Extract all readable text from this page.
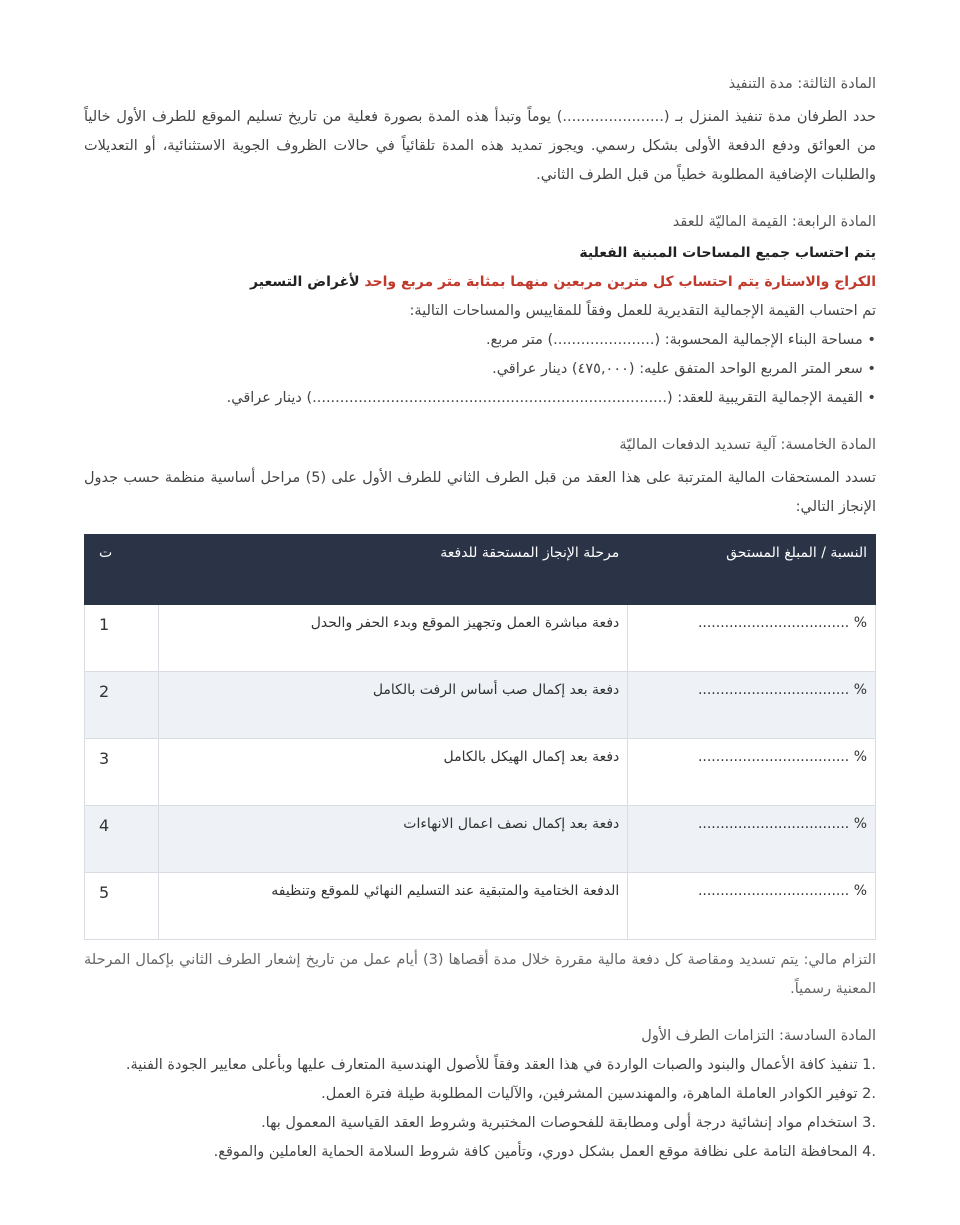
المادة الثالثة: مدة التنفيذ

حدد الطرفان مدة تنفيذ المنزل بـ (......................) يوماً وتبدأ هذه المدة بصورة فعلية من تاريخ تسليم الموقع للطرف الأول خالياً من العوائق ودفع الدفعة الأولى بشكل رسمي. ويجوز تمديد هذه المدة تلقائياً في حالات الظروف الجوية الاستثنائية، أو التعديلات والطلبات الإضافية المطلوبة خطياً من قبل الطرف الثاني.

المادة الرابعة: القيمة الماليّة للعقد

يتم احتساب جميع المساحات المبنية الفعلية

الكراج والاستارة يتم احتساب كل مترين مربعين منهما بمثابة متر مربع واحد لأغراض التسعير

تم احتساب القيمة الإجمالية التقديرية للعمل وفقاً للمقاييس والمساحات التالية:

• مساحة البناء الإجمالية المحسوبة: (......................) متر مربع.

• سعر المتر المربع الواحد المتفق عليه: (٤٧٥,٠٠٠) دينار عراقي.

• القيمة الإجمالية التقريبية للعقد: (.............................................................................) دينار عراقي.

المادة الخامسة: آلية تسديد الدفعات الماليّة

تسدد المستحقات المالية المترتبة على هذا العقد من قبل الطرف الثاني للطرف الأول على (5) مراحل أساسية منظمة حسب جدول الإنجاز التالي:

النسبة / المبلغ المستحق	مرحلة الإنجاز المستحقة للدفعة	ت
% ..................................	دفعة مباشرة العمل وتجهيز الموقع وبدء الحفر والحدل	1
% ..................................	دفعة بعد إكمال صب أساس الرفت بالكامل	2
% ..................................	دفعة بعد إكمال الهيكل بالكامل	3
% ..................................	دفعة بعد إكمال نصف اعمال الانهاءات	4
% ..................................	الدفعة الختامية والمتبقية عند التسليم النهائي للموقع وتنظيفه	5

التزام مالي: يتم تسديد ومقاصة كل دفعة مالية مقررة خلال مدة أقصاها (3) أيام عمل من تاريخ إشعار الطرف الثاني بإكمال المرحلة المعنية رسمياً.

المادة السادسة: التزامات الطرف الأول

.1 تنفيذ كافة الأعمال والبنود والصبات الواردة في هذا العقد وفقاً للأصول الهندسية المتعارف عليها وبأعلى معايير الجودة الفنية.
.2 توفير الكوادر العاملة الماهرة، والمهندسين المشرفين، والآليات المطلوبة طيلة فترة العمل.
.3 استخدام مواد إنشائية درجة أولى ومطابقة للفحوصات المختبرية وشروط العقد القياسية المعمول بها.
.4 المحافظة التامة على نظافة موقع العمل بشكل دوري، وتأمين كافة شروط السلامة الحماية العاملين والموقع.
